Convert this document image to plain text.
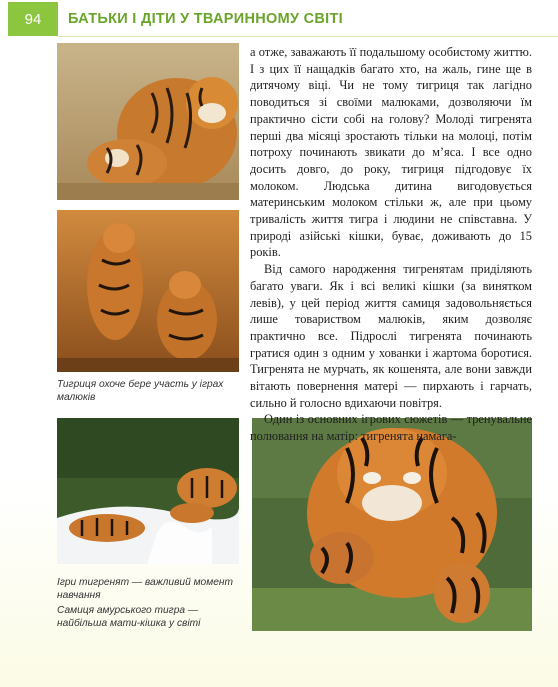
94	БАТЬКИ І ДІТИ У ТВАРИННОМУ СВІТІ
Тигриця охоче бере участь у іграх малюків
Ігри тигренят — важливий момент навчання
Самиця амурського тигра — найбільша мати-кішка у світі

а отже, заважають її подальшому особистому життю. І з цих її нащадків багато хто, на жаль, гине ще в дитячому віці. Чи не тому тигриця так лагідно поводиться зі своїми малюками, дозволяючи їм практично сісти собі на голову? Молоді тигренята перші два місяці зростають тільки на молоці, потім потроху починають звикати до м’яса. І все одно досить довго, до року, тигриця підгодовує їх молоком. Людська дитина вигодовується материнським молоком стільки ж, але при цьому тривалість життя тигра і людини не співставна. У природі азійські кішки, буває, доживають до 15 років.

Від самого народження тигренятам приділяють багато уваги. Як і всі великі кішки (за винятком левів), у цей період життя самиця задовольняється лише товариством малюків, яким дозволяє практично все. Підрослі тигренята починають гратися один з одним у хованки і жартома боротися. Тигренята не мурчать, як кошенята, але вони завжди вітають повернення матері — пирхають і гарчать, сильно й голосно вдихаючи повітря.

Один із основних ігрових сюжетів — тренувальне полювання на матір: тигренята намага-
